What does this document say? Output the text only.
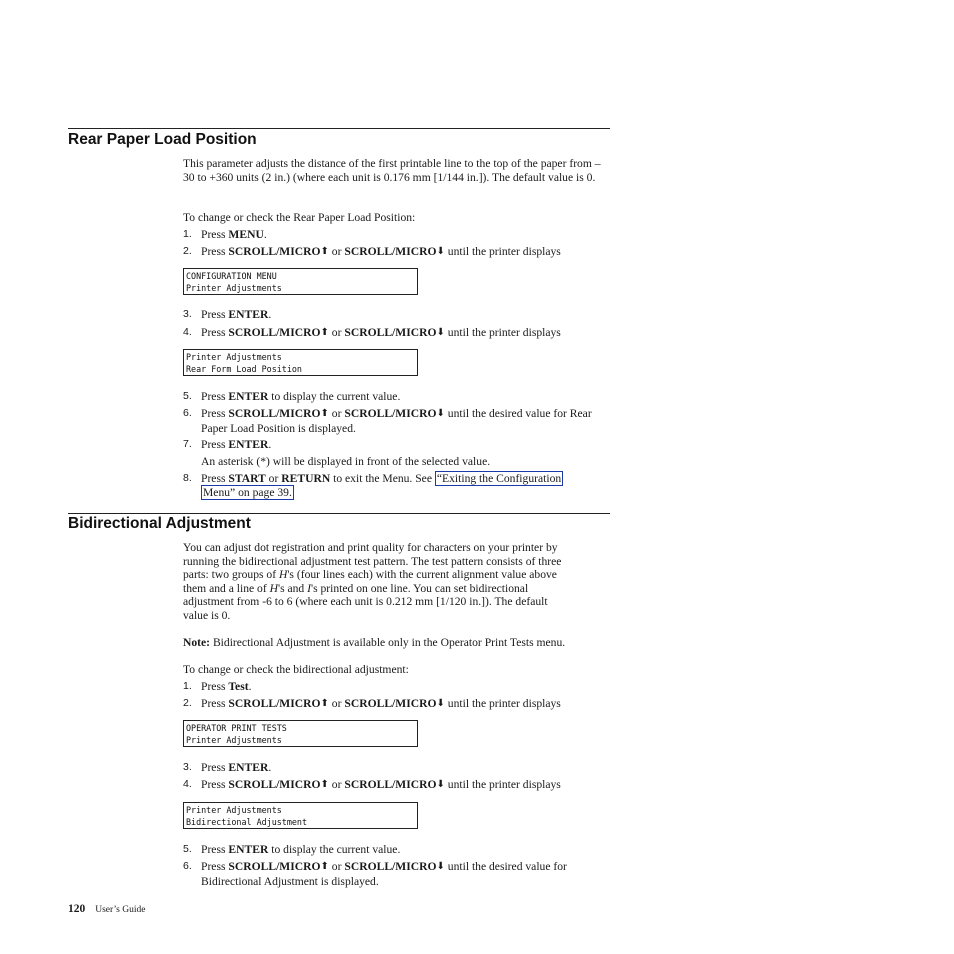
Rear Paper Load Position

This parameter adjusts the distance of the first printable line to the top of the paper from –30 to +360 units (2 in.) (where each unit is 0.176 mm [1/144 in.]). The default value is 0.

To change or check the Rear Paper Load Position:

1. Press MENU.
2. Press SCROLL/MICRO⬆ or SCROLL/MICRO⬇ until the printer displays
CONFIGURATION MENU
Printer Adjustments
3. Press ENTER.
4. Press SCROLL/MICRO⬆ or SCROLL/MICRO⬇ until the printer displays
Printer Adjustments
Rear Form Load Position
5. Press ENTER to display the current value.
6. Press SCROLL/MICRO⬆ or SCROLL/MICRO⬇ until the desired value for Rear Paper Load Position is displayed.
7. Press ENTER.
An asterisk (*) will be displayed in front of the selected value.
8. Press START or RETURN to exit the Menu. See “Exiting the Configuration
Menu” on page 39.
Bidirectional Adjustment
You can adjust dot registration and print quality for characters on your printer by
running the bidirectional adjustment test pattern. The test pattern consists of three
parts: two groups of H's (four lines each) with the current alignment value above
them and a line of H's and I's printed on one line. You can set bidirectional
adjustment from -6 to 6 (where each unit is 0.212 mm [1/120 in.]). The default
value is 0.

Note: Bidirectional Adjustment is available only in the Operator Print Tests menu.

To change or check the bidirectional adjustment:

1. Press Test.
2. Press SCROLL/MICRO⬆ or SCROLL/MICRO⬇ until the printer displays
OPERATOR PRINT TESTS
Printer Adjustments
3. Press ENTER.
4. Press SCROLL/MICRO⬆ or SCROLL/MICRO⬇ until the printer displays
Printer Adjustments
Bidirectional Adjustment
5. Press ENTER to display the current value.
6. Press SCROLL/MICRO⬆ or SCROLL/MICRO⬇ until the desired value for Bidirectional Adjustment is displayed.
120 User’s Guide
